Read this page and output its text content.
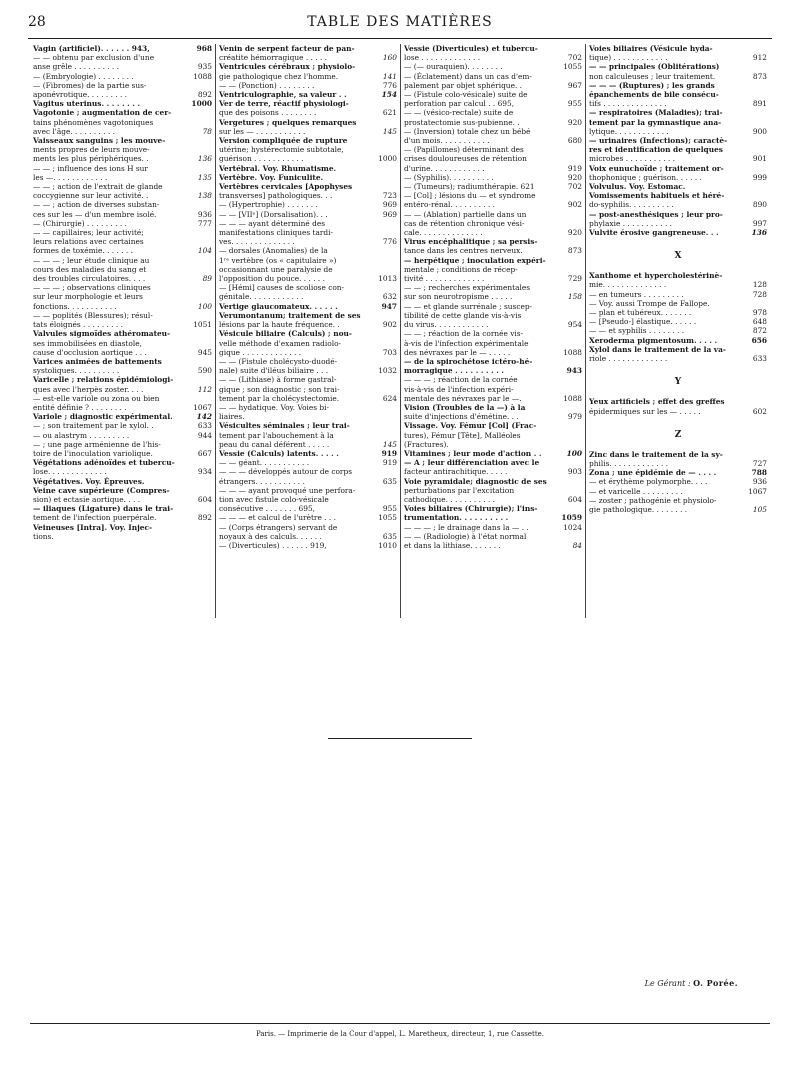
28	TABLE DES MATIÈRES
Vagin (artificiel). . . . . . 943,	968
— — obtenu par exclusion d'une
anse grêle . . . . . . . . . .	935
— (Embryologie) . . . . . . . .	1088
— (Fibromes) de la partie sus-
aponévrotique. . . . . . . . .	892
Vagitus uterinus. . . . . . . .	1000
Vagotonie ; augmentation de cer-
tains phénomènes vagotoniques
avec l'âge. . . . . . . . . .	78
Vaisseaux sanguins ; les mouve-
ments propres de leurs mouve-
ments les plus périphériques. .	136
— — ; influence des ions H sur
les —. . . . . . . . . . . .	135
— — ; action de l'extrait de glande
coccygienne sur leur activité. .	138
— — ; action de diverses substan-
ces sur les — d'un membre isolé.	936
— (Chirurgie) . . . . . . . . .	777
— — capillaires; leur activité;
leurs relations avec certaines
formes de toxémie. . . . . . .	104
— — — ; leur étude clinique au
cours des maladies du sang et
des troubles circulatoires. . . .	89
— — — ; observations cliniques
sur leur morphologie et leurs
fonctions. . . . . . . . . . .	100
— — poplités (Blessures); résul-
tats éloignés . . . . . . . . .	1051
Valvules sigmoïdes athéromateu-
ses immobilisées en diastole,
cause d'occlusion aortique . . .	945
Varices animées de battements
systoliques. . . . . . . . . .	590
Varicelle ; relations épidémiologi-
ques avec l'herpès zoster. . . .	112
— est-elle variole ou zona ou bien
entité définie ? . . . . . . . .	1067
Variole ; diagnostic expérimental.	142
— ; son traitement par le xylol. .	633
— ou alastrym . . . . . . . . .	944
— ; une page arménienne de l'his-
toire de l'inoculation variolique.	667
Végétations adénoïdes et tubercu-
lose. . . . . . . . . . . . .	934
Végétatives. Voy. Épreuves.
Veine cave supérieure (Compres-
sion) et ectasie aortique. . . .	604
— iliaques (Ligature) dans le trai-
tement de l'infection puerpérale.	892
Veineuses [Intra]. Voy. Injec-
tions.
Venin de serpent facteur de pan-
créatite hémorragique . . . . .	160
Ventricules cérébraux ; physiolo-
gie pathologique chez l'homme.	141
— — (Ponction) . . . . . . . .	776
Ventriculographie, sa valeur . .	154
Ver de terre, réactif physiologi-
que des poisons . . . . . . . .	621
Vergetures ; quelques remarques
sur les — . . . . . . . . . . .	145
Version compliquée de rupture
utérine; hystérectomie subtotale,
guérison . . . . . . . . . . .	1000
Vertébral. Voy. Rhumatisme.
Vertèbre. Voy. Funiculite.
Vertèbres cervicales [Apophyses
transverses] pathologiques. . .	723
— (Hypertrophie) . . . . . . .	969
— — [VIIᵉ] (Dorsalisation). . .	969
— — — ayant déterminé des
manifestations cliniques tardi-
ves. . . . . . . . . . . . . .	776
— dorsales (Anomalies) de la
1ʳᵉ vertèbre (os « capitulaire »)
occasionnant une paralysie de
l'opposition du pouce. . . . . .	1013
— [Hémi] causes de scoliose con-
génitale. . . . . . . . . . . .	632
Vertige glaucomateux. . . . . .	947
Verumontanum; traitement de ses
lésions par la haute fréquence. .	902
Vésicule biliaire (Calculs) ; nou-
velle méthode d'examen radiolo-
gique . . . . . . . . . . . . .	703
— — (Fistule cholécysto-duodé-
nale) suite d'iléus biliaire . . .	1032
— — (Lithiase) à forme gastral-
gique ; son diagnostic ; son trai-
tement par la cholécystectomie.	624
— — hydatique. Voy. Voies bi-
liaires.
Vésicultes séminales ; leur trai-
tement par l'abouchement à la
peau du canal déférent . . . . .	145
Vessie (Calculs) latents. . . . .	919
— — géant. . . . . . . . . . .	919
— — — développés autour de corps
étrangers. . . . . . . . . . .	635
— — — ayant provoqué une perfora-
tion avec fistule colo-vésicale
consécutive . . . . . . . 695,	955
— — — et calcul de l'urètre . . .	1055
— (Corps étrangers) servant de
noyaux à des calculs. . . . . .	635
— (Diverticules) . . . . . . 919,	1010
Vessie (Diverticules) et tubercu-
lose . . . . . . . . . . . . .	702
— (— ouraquien). . . . . . . .	1055
— (Éclatement) dans un cas d'em-
palement par objet sphérique. .	967
— (Fistule colo-vésicale) suite de
perforation par calcul . . 695,	955
— — (vésico-rectale) suite de
prostatectomie sus-pubienne. .	920
— (Inversion) totale chez un bébé
d'un mois. . . . . . . . . . .	680
— (Papillomes) déterminant des
crises douloureuses de rétention
d'urine. . . . . . . . . . . .	919
— (Syphilis). . . . . . . . . .	920
— (Tumeurs); radiumthérapie. 621	702
— [Col] ; lésions du — et syndrome
entéro-rénal. . . . . . . . . .	902
— — (Ablation) partielle dans un
cas de rétention chronique vési-
cale. . . . . . . . . . . . . .	920
Virus encéphalitique ; sa persis-
tance dans les centres nerveux.	873
— herpétique ; inoculation expéri-
mentale ; conditions de récep-
tivité . . . . . . . . . . . . .	729
— — ; recherches expérimentales
sur son neurotropisme . . . . .	158
— — et glande surrénale ; suscep-
tibilité de cette glande vis-à-vis
du virus. . . . . . . . . . . .	954
— — ; réaction de la cornée vis-
à-vis de l'infection expérimentale
des névraxes par le — . . . . .	1088
— de la spirochétose ictéro-hé-
morragique . . . . . . . . . .	943
— — — ; réaction de la cornée
vis-à-vis de l'infection expéri-
mentale des névraxes par le —.	1088
Vision (Troubles de la —) à la
suite d'injections d'émétine. . .	979
Vissage. Voy. Fémur [Col] (Frac-
tures), Fémur [Tête], Malléoles
(Fractures).
Vitamines ; leur mode d'action . .	100
— A ; leur différenciation avec le
facteur antirachitique. . . . .	903
Voie pyramidale; diagnostic de ses
perturbations par l'excitation
cathodique. . . . . . . . . . .	604
Voies biliaires (Chirurgie); l'ins-
trumentation. . . . . . . . . .	1059
— — — ; le drainage dans la — . .	1024
— — (Radiologie) à l'état normal
et dans la lithiase. . . . . . .	84
Voies biliaires (Vésicule hyda-
tique) . . . . . . . . . . . .	912
— — principales (Oblitérations)
non calculeuses ; leur traitement.	873
— — — (Ruptures) ; les grands
épanchements de bile consécu-
tifs . . . . . . . . . . . . . .	891
— respiratoires (Maladies); trai-
tement par la gymnastique ana-
lytique. . . . . . . . . . . .	900
— urinaires (Infections); caractè-
res et identification de quelques
microbes . . . . . . . . . . .	901
Voix eunuchoïde ; traitement or-
thophonique ; guérison. . . . . .	999
Volvulus. Voy. Estomac.
Vomissements habituels et héré-
do-syphilis. . . . . . . . . .	890
— post-anesthésiques ; leur pro-
phylaxie . . . . . . . . . . .	997
Vulvite érosive gangreneuse. . .	136
X
Xanthome et hypercholestérinè-
mie. . . . . . . . . . . . . .	128
— en tumeurs . . . . . . . . .	728
— Voy. aussi Trompe de Fallope.
— plan et tubéreux. . . . . . .	978
— [Pseudo-] élastique. . . . . .	648
— — et syphilis . . . . . . . .	872
Xeroderma pigmentosum. . . . .	656
Xylol dans le traitement de la va-
riole . . . . . . . . . . . . .	633
Y
Yeux artificiels ; effet des greffes
épidermiques sur les — . . . . .	602
Z
Zinc dans le traitement de la sy-
philis. . . . . . . . . . . . .	727
Zona ; une épidémie de — . . . .	788
— et érythème polymorphe. . . .	936
— et varicelle . . . . . . . . .	1067
— zoster ; pathogénie et physiolo-
gie pathologique. . . . . . . .	105
Le Gérant : O. Porée.
Paris. — Imprimerie de la Cour d'appel, L. Maretheux, directeur, 1, rue Cassette.
